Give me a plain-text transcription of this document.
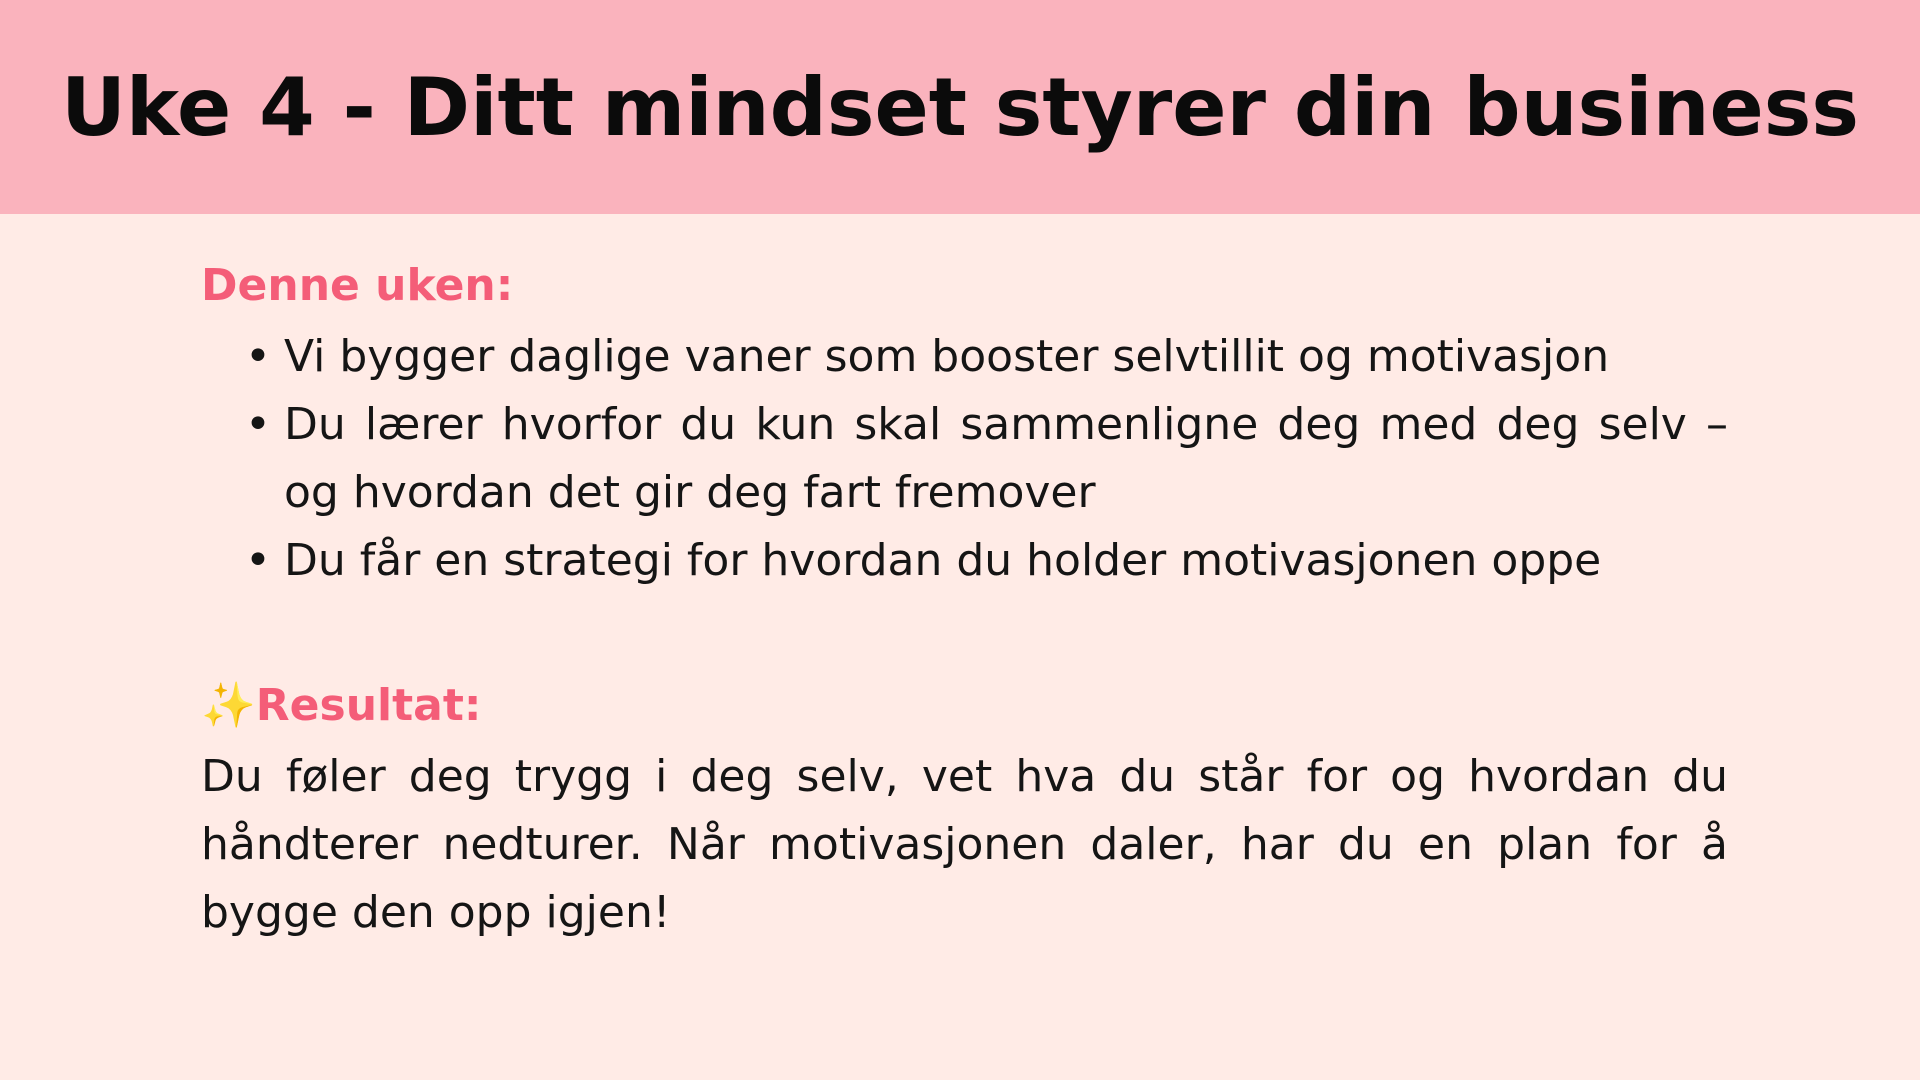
Uke 4 - Ditt mindset styrer din business

Denne uken:

• Vi bygger daglige vaner som booster selvtillit og motivasjon
• Du lærer hvorfor du kun skal sammenligne deg med deg selv – og hvordan det gir deg fart fremover
• Du får en strategi for hvordan du holder motivasjonen oppe

✨Resultat:

Du føler deg trygg i deg selv, vet hva du står for og hvordan du håndterer nedturer. Når motivasjonen daler, har du en plan for å bygge den opp igjen!
